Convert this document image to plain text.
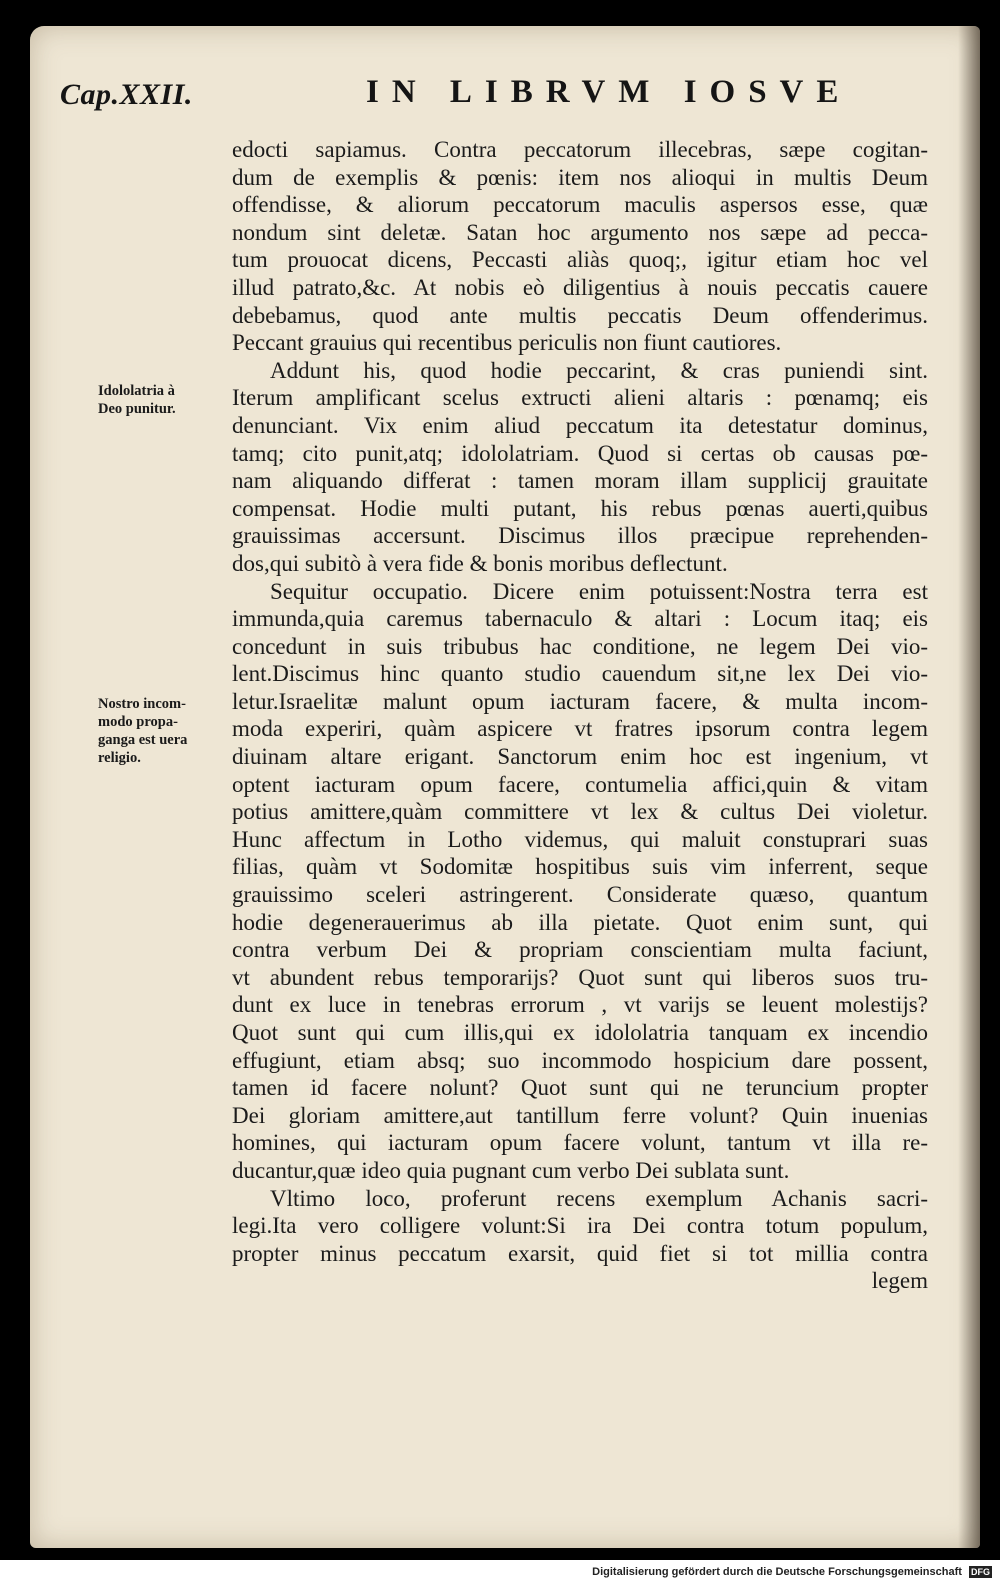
Cap.XXII.	IN LIBRVM IOSVE
Idololatria à
Deo punitur.
Nostro incom-
modo propa-
ganga est uera
religio.
edocti sapiamus. Contra peccatorum illecebras, sæpe cogitan-
dum de exemplis & pœnis: item nos alioqui in multis Deum
offendisse, & aliorum peccatorum maculis aspersos esse, quæ
nondum sint deletæ. Satan hoc argumento nos sæpe ad pecca-
tum prouocat dicens, Peccasti aliàs quoq;, igitur etiam hoc vel
illud patrato,&c. At nobis eò diligentius à nouis peccatis cauere
debebamus, quod ante multis peccatis Deum offenderimus.
Peccant grauius qui recentibus periculis non fiunt cautiores.
Addunt his, quod hodie peccarint, & cras puniendi sint.
Iterum amplificant scelus extructi alieni altaris : pœnamq; eis
denunciant. Vix enim aliud peccatum ita detestatur dominus,
tamq; cito punit,atq; idololatriam. Quod si certas ob causas pœ-
nam aliquando differat : tamen moram illam supplicij grauitate
compensat. Hodie multi putant, his rebus pœnas auerti,quibus
grauissimas accersunt. Discimus illos præcipue reprehenden-
dos,qui subitò à vera fide & bonis moribus deflectunt.
Sequitur occupatio. Dicere enim potuissent:Nostra terra est
immunda,quia caremus tabernaculo & altari : Locum itaq; eis
concedunt in suis tribubus hac conditione, ne legem Dei vio-
lent.Discimus hinc quanto studio cauendum sit,ne lex Dei vio-
letur.Israelitæ malunt opum iacturam facere, & multa incom-
moda experiri, quàm aspicere vt fratres ipsorum contra legem
diuinam altare erigant. Sanctorum enim hoc est ingenium, vt
optent iacturam opum facere, contumelia affici,quin & vitam
potius amittere,quàm committere vt lex & cultus Dei violetur.
Hunc affectum in Lotho videmus, qui maluit constuprari suas
filias, quàm vt Sodomitæ hospitibus suis vim inferrent, seque
grauissimo sceleri astringerent. Considerate quæso, quantum
hodie degenerauerimus ab illa pietate. Quot enim sunt, qui
contra verbum Dei & propriam conscientiam multa faciunt,
vt abundent rebus temporarijs? Quot sunt qui liberos suos tru-
dunt ex luce in tenebras errorum , vt varijs se leuent molestijs?
Quot sunt qui cum illis,qui ex idololatria tanquam ex incendio
effugiunt, etiam absq; suo incommodo hospicium dare possent,
tamen id facere nolunt? Quot sunt qui ne teruncium propter
Dei gloriam amittere,aut tantillum ferre volunt? Quin inuenias
homines, qui iacturam opum facere volunt, tantum vt illa re-
ducantur,quæ ideo quia pugnant cum verbo Dei sublata sunt.
Vltimo loco, proferunt recens exemplum Achanis sacri-
legi.Ita vero colligere volunt:Si ira Dei contra totum populum,
propter minus peccatum exarsit, quid fiet si tot millia contra
legem
Digitalisierung gefördert durch die Deutsche Forschungsgemeinschaft DFG
